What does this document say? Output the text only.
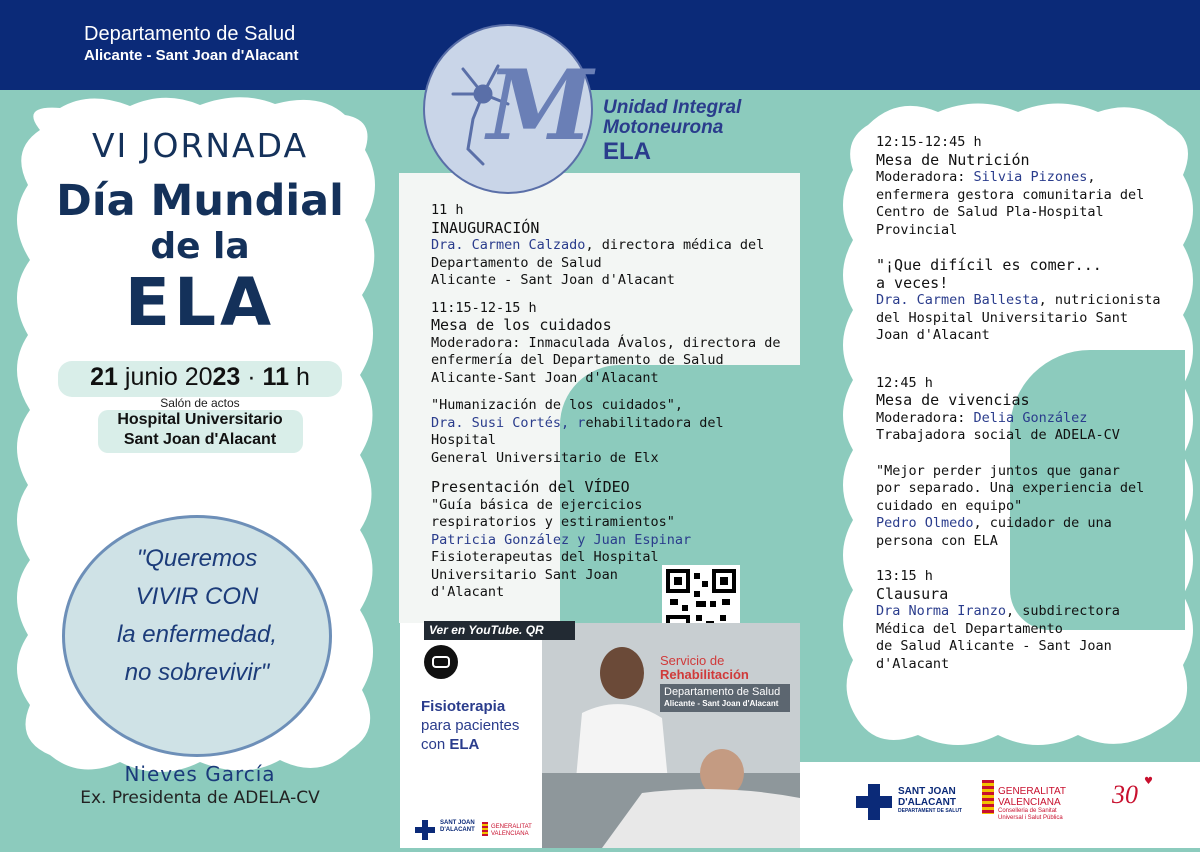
Departamento de Salud
Alicante - Sant Joan d'Alacant
VI JORNADA
Día Mundial
de la
ELA
21 junio 2023 · 11 h
Salón de actos
Hospital Universitario
Sant Joan d'Alacant
"Queremos
VIVIR CON
la enfermedad,
no sobrevivir"
Nieves García
Ex. Presidenta de ADELA-CV
M Unidad Integral
Motoneurona
ELA
11 h
INAUGURACIÓN
Dra. Carmen Calzado, directora médica del
Departamento de Salud
Alicante - Sant Joan d'Alacant
11:15-12-15 h
Mesa de los cuidados
Moderadora: Inmaculada Ávalos, directora de
enfermería del Departamento de Salud
Alicante-Sant Joan d'Alacant
"Humanización de los cuidados",
Dra. Susi Cortés, rehabilitadora del Hospital
General Universitario de Elx
Presentación del VÍDEO
"Guía básica de ejercicios
respiratorios y estiramientos"
Patricia González y Juan Espinar
Fisioterapeutas del Hospital
Universitario Sant Joan
d'Alacant
Ver en YouTube. QR
Servicio de
Rehabilitación
Departamento de Salud
Alicante - Sant Joan d'Alacant
Fisioterapia
para pacientes
con ELA
SANT JOAN
D'ALACANT	GENERALITAT VALENCIANA
12:15-12:45 h
Mesa de Nutrición
Moderadora: Silvia Pizones,
enfermera gestora comunitaria del
Centro de Salud Pla-Hospital
Provincial
"¡Que difícil es comer...
a veces!
Dra. Carmen Ballesta, nutricionista
del Hospital Universitario Sant
Joan d'Alacant
12:45 h
Mesa de vivencias
Moderadora: Delia González
Trabajadora social de ADELA-CV
"Mejor perder juntos que ganar
por separado. Una experiencia del
cuidado en equipo"
Pedro Olmedo, cuidador de una
persona con ELA
13:15 h
Clausura
Dra Norma Iranzo, subdirectora
Médica del Departamento
de Salud Alicante - Sant Joan
d'Alacant
SANT JOAN
D'ALACANT
DEPARTAMENT DE SALUT
GENERALITAT
VALENCIANA
Conselleria de Sanitat
Universal i Salut Pública
30 ♥
